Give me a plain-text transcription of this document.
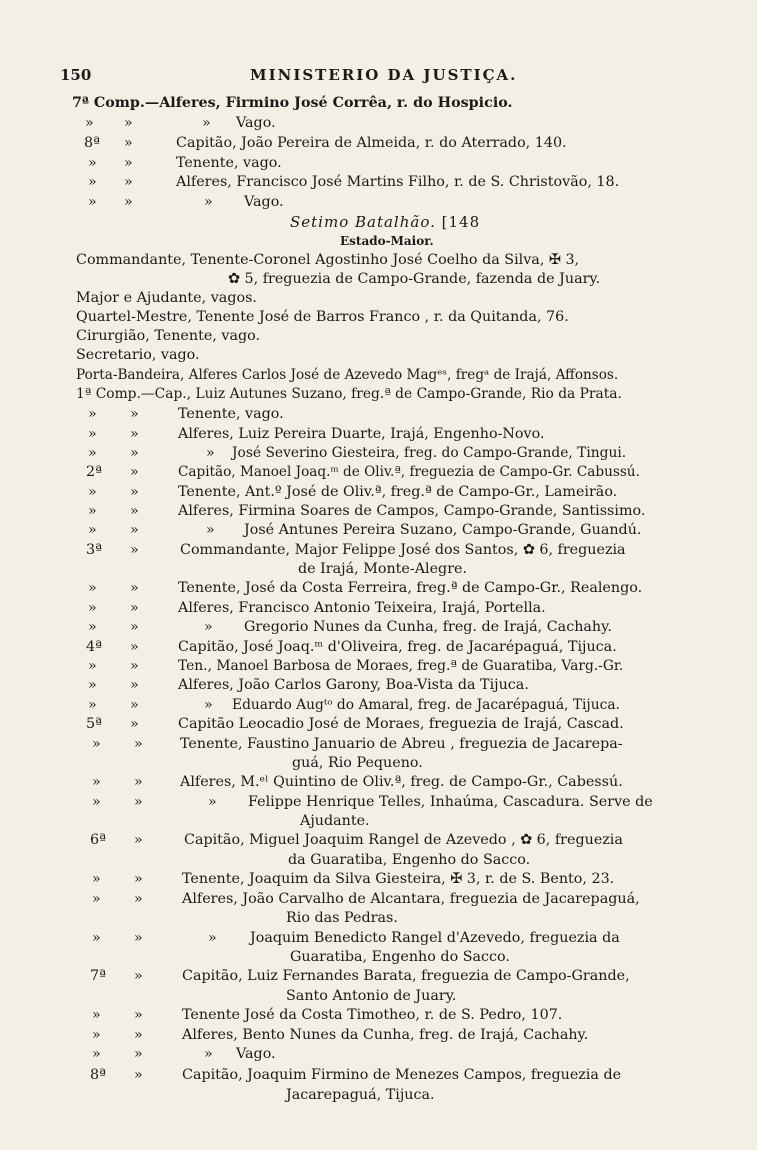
150	MINISTERIO DA JUSTIÇA.
7ª Comp.—Alferes, Firmino José Corrêa, r. do Hospicio.
» »	» Vago.
8ª »	Capitão, João Pereira de Almeida, r. do Aterrado, 140.
» »	Tenente, vago.
» »	Alferes, Francisco José Martins Filho, r. de S. Christovão, 18.
» »	» Vago.
Setimo Batalhão. [148
Estado-Maior.
Commandante, Tenente-Coronel Agostinho José Coelho da Silva, ✠ 3,
✿ 5, freguezia de Campo-Grande, fazenda de Juary.
Major e Ajudante, vagos.
Quartel-Mestre, Tenente José de Barros Franco , r. da Quitanda, 76.
Cirurgião, Tenente, vago.
Secretario, vago.
Porta-Bandeira, Alferes Carlos José de Azevedo Magᵉˢ, fregᵃ de Irajá, Affonsos.
1ª Comp.—Cap., Luiz Autunes Suzano, freg.ª de Campo-Grande, Rio da Prata.
» »	Tenente, vago.
» »	Alferes, Luiz Pereira Duarte, Irajá, Engenho-Novo.
» »	» José Severino Giesteira, freg. do Campo-Grande, Tingui.
2ª »	Capitão, Manoel Joaq.ᵐ de Oliv.ª, freguezia de Campo-Gr. Cabussú.
» »	Tenente, Ant.º José de Oliv.ª, freg.ª de Campo-Gr., Lameirão.
» »	Alferes, Firmina Soares de Campos, Campo-Grande, Santissimo.
» »	» José Antunes Pereira Suzano, Campo-Grande, Guandú.
3ª »	Commandante, Major Felippe José dos Santos, ✿ 6, freguezia
de Irajá, Monte-Alegre.
» »	Tenente, José da Costa Ferreira, freg.ª de Campo-Gr., Realengo.
» »	Alferes, Francisco Antonio Teixeira, Irajá, Portella.
» »	» Gregorio Nunes da Cunha, freg. de Irajá, Cachahy.
4ª »	Capitão, José Joaq.ᵐ d'Oliveira, freg. de Jacarépaguá, Tijuca.
» »	Ten., Manoel Barbosa de Moraes, freg.ª de Guaratiba, Varg.-Gr.
» »	Alferes, João Carlos Garony, Boa-Vista da Tijuca.
» »	» Eduardo Augᵗᵒ do Amaral, freg. de Jacarépaguá, Tijuca.
5ª »	Capitão Leocadio José de Moraes, freguezia de Irajá, Cascad.
» »	Tenente, Faustino Januario de Abreu , freguezia de Jacarepa-
guá, Rio Pequeno.
» »	Alferes, M.ᵉˡ Quintino de Oliv.ª, freg. de Campo-Gr., Cabessú.
» »	» Felippe Henrique Telles, Inhaúma, Cascadura. Serve de
Ajudante.
6ª »	Capitão, Miguel Joaquim Rangel de Azevedo , ✿ 6, freguezia
da Guaratiba, Engenho do Sacco.
» »	Tenente, Joaquim da Silva Giesteira, ✠ 3, r. de S. Bento, 23.
» »	Alferes, João Carvalho de Alcantara, freguezia de Jacarepaguá,
Rio das Pedras.
» »	» Joaquim Benedicto Rangel d'Azevedo, freguezia da
Guaratiba, Engenho do Sacco.
7ª »	Capitão, Luiz Fernandes Barata, freguezia de Campo-Grande,
Santo Antonio de Juary.
» »	Tenente José da Costa Timotheo, r. de S. Pedro, 107.
» »	Alferes, Bento Nunes da Cunha, freg. de Irajá, Cachahy.
» »	» Vago.
8ª »	Capitão, Joaquim Firmino de Menezes Campos, freguezia de
Jacarepaguá, Tijuca.
